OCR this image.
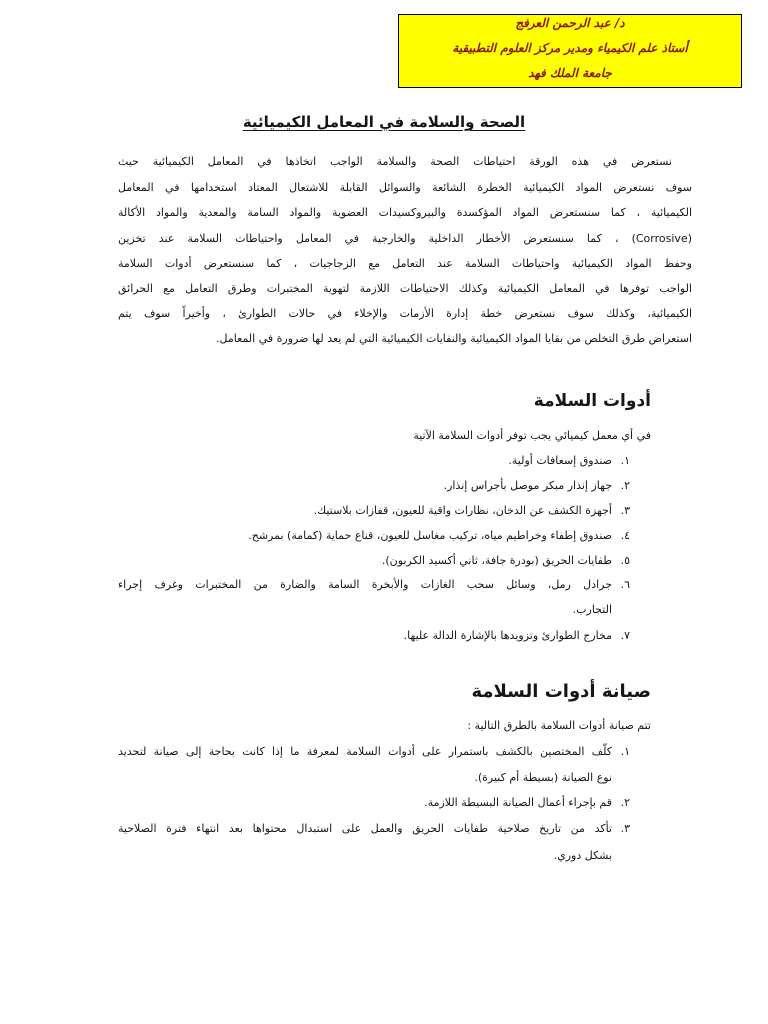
د/ عبد الرحمن العرفج
أستاذ علم الكيمياء ومدير مركز العلوم التطبيقية
جامعة الملك فهد
الصحة والسلامة في المعامل الكيميائية
نستعرض في هذه الورقة احتياطات الصحة والسلامة الواجب اتخاذها في المعامل الكيميائية حيث
سوف نستعرض المواد الكيميائية الخطرة الشائعة والسوائل القابلة للاشتعال المعتاد استخدامها في المعامل
الكيميائية ، كما سنستعرض المواد المؤكسدة والبيروكسيدات العضوية والمواد السامة والمعدية والمواد الأكالة
(Corrosive) ، كما سنستعرض الأخطار الداخلية والخارجية في المعامل واحتياطات السلامة عند تخزين
وحفظ المواد الكيميائية واحتياطات السلامة عند التعامل مع الزجاجيات ، كما سنستعرض أدوات السلامة
الواجب توفرها في المعامل الكيميائية وكذلك الاحتياطات اللازمة لتهوية المختبرات وطرق التعامل مع الحرائق
الكيميائية، وكذلك سوف نستعرض خطة إدارة الأزمات والإخلاء في حالات الطوارئ ، وأخيراً سوف يتم
استعراض طرق التخلص من بقايا المواد الكيميائية والنفايات الكيميائية التي لم يعد لها ضرورة في المعامل.
أدوات السلامة
في أي معمل كيميائي يجب توفر أدوات السلامة الآتية
١.
صندوق إسعافات أولية.
٢.
جهاز إنذار مبكر موصل بأجراس إنذار.
٣.
أجهزة الكشف عن الدخان، نظارات واقية للعيون، قفازات بلاستيك.
٤.
صندوق إطفاء وخراطيم مياه، تركيب مغاسل للعيون، قناع حماية (كمامة) بمرشح.
٥.
طفايات الحريق (بودرة جافة، ثاني أكسيد الكربون).
٦.
جرادل رمل، وسائل سحب الغازات والأبخرة السامة والضارة من المختبرات وغرف إجراء
التجارب.
٧.
مخارج الطوارئ وتزويدها بالإشارة الدالة عليها.
صيانة أدوات السلامة
تتم صيانة أدوات السلامة بالطرق التالية :
١.
كلّف المختصين بالكشف باستمرار على أدوات السلامة لمعرفة ما إذا كانت بحاجة إلى صيانة لتحديد
نوع الصيانة (بسيطة أم كبيرة).
٢.
قم بإجراء أعمال الصيانة البسيطة اللازمة.
٣.
تأكد من تاريخ صلاحية طفايات الحريق والعمل على استبدال محتواها بعد انتهاء فترة الصلاحية
بشكل دوري.
